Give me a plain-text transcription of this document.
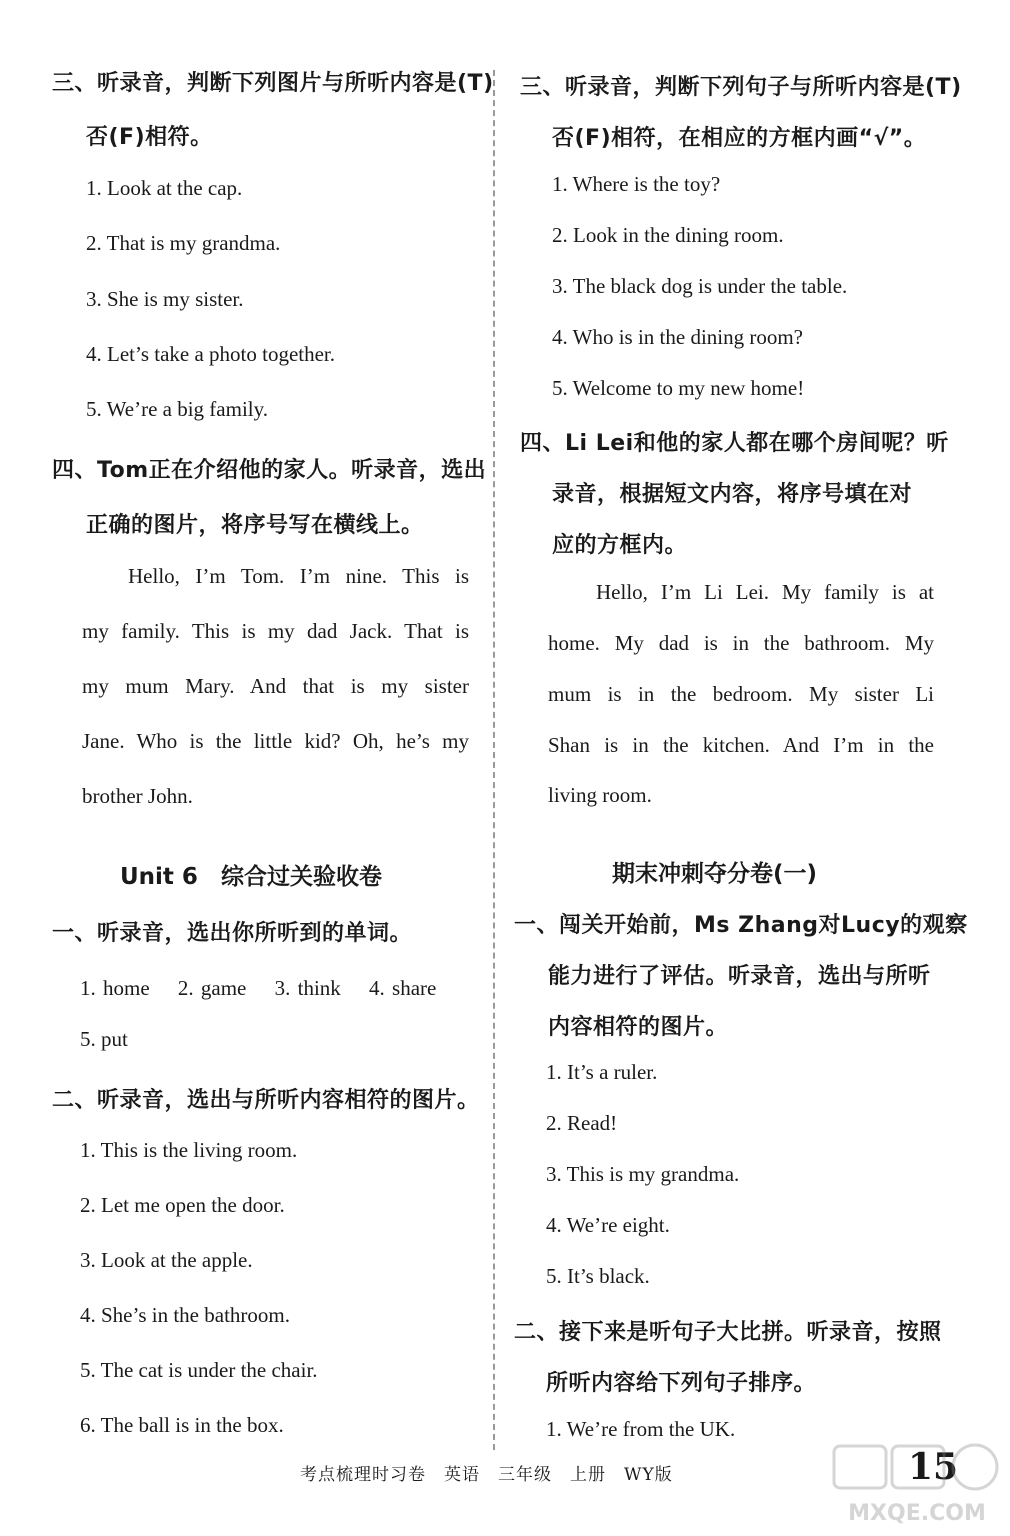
三、听录音，判断下列图片与所听内容是(T)
否(F)相符。
1. Look at the cap.
2. That is my grandma.
3. She is my sister.
4. Let’s take a photo together.
5. We’re a big family.
四、Tom正在介绍他的家人。听录音，选出
正确的图片，将序号写在横线上。
Hello, I’m Tom. I’m nine. This is
my family. This is my dad Jack. That is
my mum Mary. And that is my sister
Jane. Who is the little kid? Oh, he’s my
brother John.
Unit 6　综合过关验收卷
一、听录音，选出你所听到的单词。
1. home　 2. game　 3. think　 4. share
5. put
二、听录音，选出与所听内容相符的图片。
1. This is the living room.
2. Let me open the door.
3. Look at the apple.
4. She’s in the bathroom.
5. The cat is under the chair.
6. The ball is in the box.
三、听录音，判断下列句子与所听内容是(T)
否(F)相符，在相应的方框内画“√”。
1. Where is the toy?
2. Look in the dining room.
3. The black dog is under the table.
4. Who is in the dining room?
5. Welcome to my new home!
四、Li Lei和他的家人都在哪个房间呢？听
录音，根据短文内容，将序号填在对
应的方框内。
Hello, I’m Li Lei. My family is at
home. My dad is in the bathroom. My
mum is in the bedroom. My sister Li
Shan is in the kitchen. And I’m in the
living room.
期末冲刺夺分卷(一)
一、闯关开始前，Ms Zhang对Lucy的观察
能力进行了评估。听录音，选出与所听
内容相符的图片。
1. It’s a ruler.
2. Read!
3. This is my grandma.
4. We’re eight.
5. It’s black.
二、接下来是听句子大比拼。听录音，按照
所听内容给下列句子排序。
1. We’re from the UK.
考点梳理时习卷　英语　三年级　上册　WY版	15
MXQE.COM
